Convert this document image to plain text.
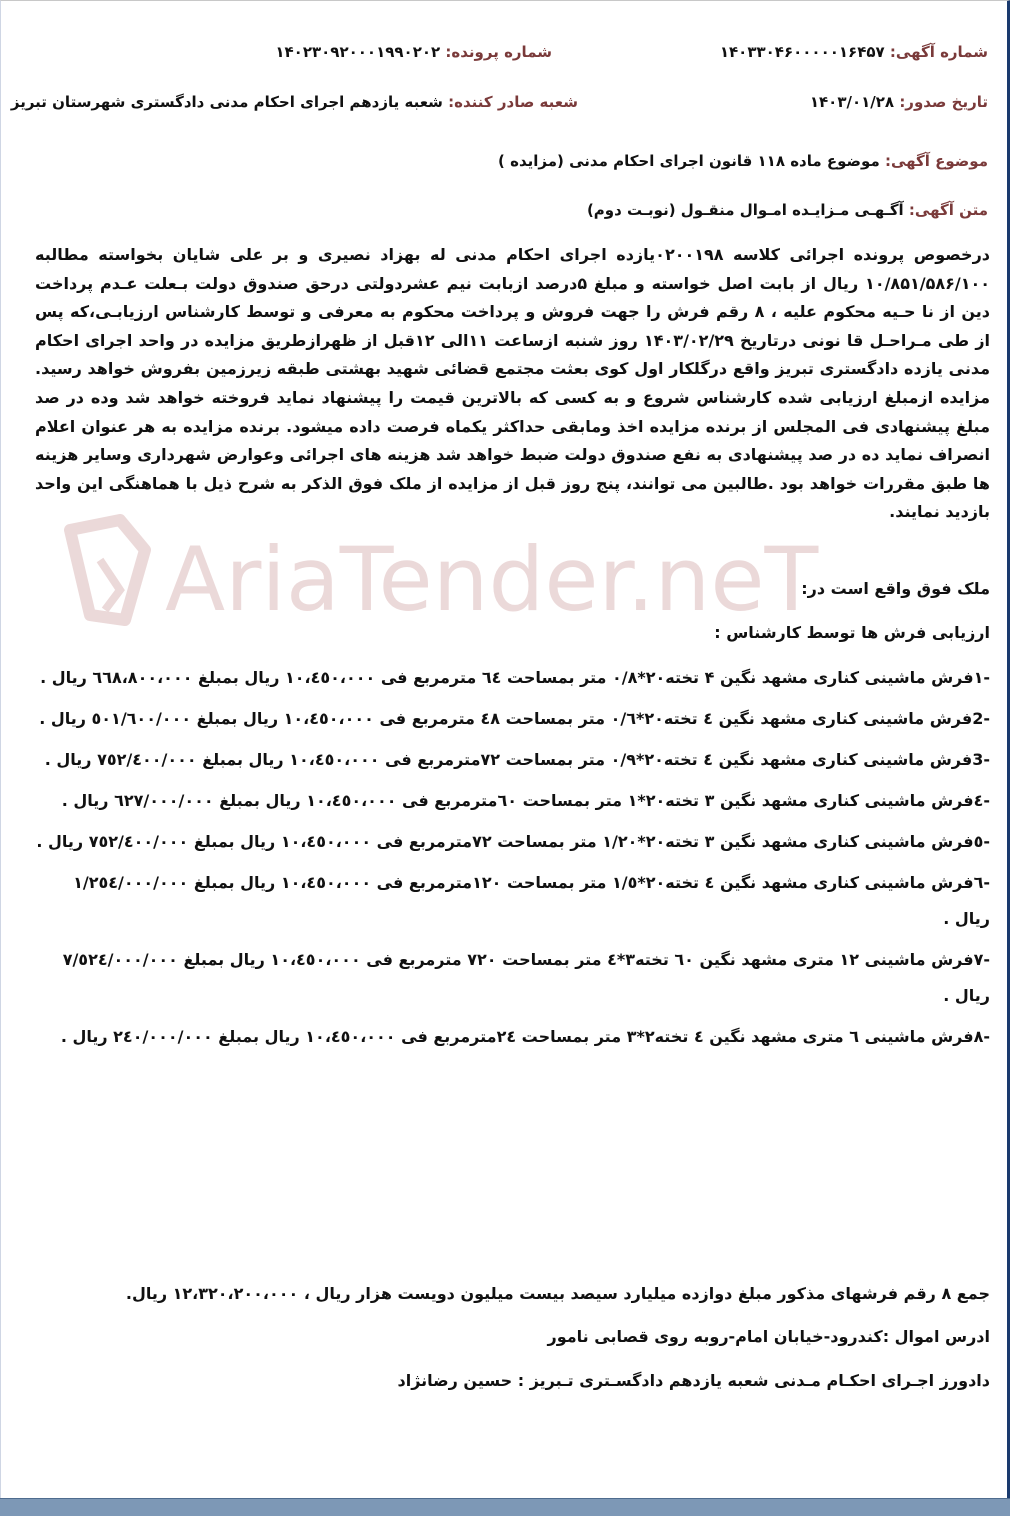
AriaTender.neT
شماره آگهی: ۱۴۰۳۳۰۴۶۰۰۰۰۰۱۶۴۵۷
شماره پرونده: ۱۴۰۲۳۰۹۲۰۰۰۱۹۹۰۲۰۲
تاریخ صدور: ۱۴۰۳/۰۱/۲۸
شعبه صادر کننده: شعبه یازدهم اجرای احکام مدنی دادگستری شهرستان تبریز
موضوع آگهی: موضوع ماده ۱۱۸ قانون اجرای احکام مدنی (مزایده )
متن آگهی: آگـهـی مـزایـده امـوال منقـول (نوبـت دوم)
درخصوص پرونده اجرائی کلاسه ۰۲۰۰۱۹۸یازده اجرای احکام مدنی له بهزاد نصیری و بر علی شایان بخواسته مطالبه ۱۰/۸۵۱/۵۸۶/۱۰۰ ریال از بابت اصل خواسته و مبلغ ۵درصد ازبابت نیم عشردولتی درحق صندوق دولت بـعلت عـدم پرداخت دین از نا حـیه محکوم علیه ، ۸ رقم فرش را جهت فروش و پرداخت محکوم به معرفی و توسط کارشناس ارزیابـی،که پس از طی مـراحـل قا نونی درتاریخ ۱۴۰۳/۰۲/۲۹ روز شنبه ازساعت ۱۱الی ۱۲قبل از ظهرازطریق مزایده در واحد اجرای احکام مدنی یازده دادگستری تبریز واقع درگلکار اول کوی بعثت مجتمع قضائی شهید بهشتی طبقه زیرزمین بفروش خواهد رسید. مزایده ازمبلغ ارزیابی شده کارشناس شروع و به کسی که بالاترین قیمت را پیشنهاد نماید فروخته خواهد شد وده در صد مبلغ پیشنهادی فی المجلس از برنده مزایده اخذ ومابقی حداکثر یکماه فرصت داده میشود. برنده مزایده به هر عنوان اعلام انصراف نماید ده در صد پیشنهادی به نفع صندوق دولت ضبط خواهد شد هزینه های اجرائی وعوارض شهرداری وسایر هزینه ها طبق مقررات خواهد بود .طالبین می توانند، پنج روز قبل از مزایده از ملک فوق الذکر به شرح ذیل با هماهنگی این واحد بازدید نمایند.
ملک فوق واقع است در:
ارزیابی فرش ها توسط کارشناس :
-۱فرش ماشینی کناری مشهد نگین ۴ تخته۲۰*۰/۸ متر بمساحت ٦٤ مترمربع فی ۱۰،٤٥۰،۰۰۰ ریال بمبلغ ٦٦٨،٨۰۰،۰۰۰ ریال .
-2فرش ماشینی کناری مشهد نگین ٤ تخته۲۰*۰/٦ متر بمساحت ٤٨ مترمربع فی ۱۰،٤٥۰،۰۰۰ ریال بمبلغ ٥۰۱/٦۰۰/۰۰۰ ریال .
-3فرش ماشینی کناری مشهد نگین ٤ تخته۲۰*۰/۹ متر بمساحت ۷۲مترمربع فی ۱۰،٤٥۰،۰۰۰ ریال بمبلغ ۷٥۲/٤۰۰/۰۰۰ ریال .
-٤فرش ماشینی کناری مشهد نگین ۳ تخته۲۰*۱ متر بمساحت ٦۰مترمربع فی ۱۰،٤٥۰،۰۰۰ ریال بمبلغ ٦۲۷/۰۰۰/۰۰۰ ریال .
-٥فرش ماشینی کناری مشهد نگین ۳ تخته۲۰*۱/۲۰ متر بمساحت ۷۲مترمربع فی ۱۰،٤٥۰،۰۰۰ ریال بمبلغ ۷٥۲/٤۰۰/۰۰۰ ریال .
-٦فرش ماشینی کناری مشهد نگین ٤ تخته۲۰*۱/٥ متر بمساحت ۱۲۰مترمربع فی ۱۰،٤٥۰،۰۰۰ ریال بمبلغ ۱/۲٥٤/۰۰۰/۰۰۰ ریال .
-۷فرش ماشینی ۱۲ متری مشهد نگین ٦۰ تخته۳*٤ متر بمساحت ۷۲۰ مترمربع فی ۱۰،٤٥۰،۰۰۰ ریال بمبلغ ۷/٥۲٤/۰۰۰/۰۰۰ ریال .
-۸فرش ماشینی ٦ متری مشهد نگین ٤ تخته۲*۳ متر بمساحت ۲٤مترمربع فی ۱۰،٤٥۰،۰۰۰ ریال بمبلغ ۲٤۰/۰۰۰/۰۰۰ ریال .
جمع ۸ رقم فرشهای مذکور مبلغ دوازده میلیارد سیصد بیست میلیون دویست هزار ریال ، ۱۲،۳۲۰،۲۰۰،۰۰۰ ریال.
ادرس اموال :کندرود-خیابان امام-روبه روی قصابی نامور
دادورز اجـرای احکـام مـدنی شعبه یازدهم دادگسـتری تـبریز : حسین رضانژاد
